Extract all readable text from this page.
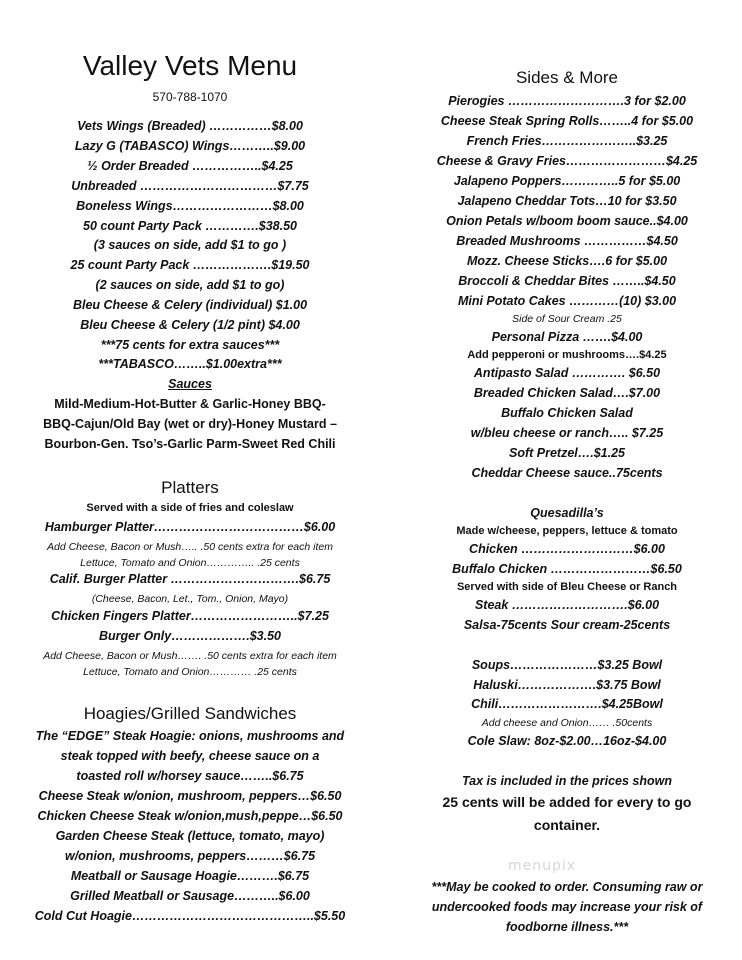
Valley Vets Menu
570-788-1070
Vets Wings (Breaded) ……………$8.00
Lazy G (TABASCO) Wings………..$9.00
½ Order Breaded ……………..$4.25
Unbreaded ……………………………$7.75
Boneless Wings……………………$8.00
50 count Party Pack ………….$38.50
(3 sauces on side, add $1 to go )
25 count Party Pack ……………….$19.50
(2 sauces on side, add $1 to go)
Bleu Cheese & Celery (individual) $1.00
Bleu Cheese & Celery (1/2 pint) $4.00
***75 cents for extra sauces***
***TABASCO……..$1.00extra***
Sauces
Mild-Medium-Hot-Butter & Garlic-Honey BBQ-
BBQ-Cajun/Old Bay (wet or dry)-Honey Mustard –
Bourbon-Gen. Tso’s-Garlic Parm-Sweet Red Chili
Platters
Served with a side of fries and coleslaw
Hamburger Platter………………………………$6.00
Add Cheese, Bacon or Mush….. .50 cents extra for each item
Lettuce, Tomato and Onion………….. .25 cents
Calif. Burger Platter ………………………….$6.75
(Cheese, Bacon, Let., Tom., Onion, Mayo)
Chicken Fingers Platter……………………..$7.25
Burger Only……………….$3.50
Add Cheese, Bacon or Mush……. .50 cents extra for each item
Lettuce, Tomato and Onion………… .25 cents
Hoagies/Grilled Sandwiches
The “EDGE” Steak Hoagie: onions, mushrooms and
steak topped with beefy, cheese sauce on a
toasted roll w/horsey sauce……..$6.75
Cheese Steak w/onion, mushroom, peppers…$6.50
Chicken Cheese Steak w/onion,mush,peppe…$6.50
Garden Cheese Steak (lettuce, tomato, mayo)
w/onion, mushrooms, peppers………$6.75
Meatball or Sausage Hoagie……….$6.75
Grilled Meatball or Sausage………..$6.00
Cold Cut Hoagie……………………………………..$5.50
Sides & More
Pierogies ……………………….3 for $2.00
Cheese Steak Spring Rolls……..4 for $5.00
French Fries…………………..$3.25
Cheese & Gravy Fries……………………$4.25
Jalapeno Poppers…………..5 for $5.00
Jalapeno Cheddar Tots…10 for $3.50
Onion Petals w/boom boom sauce..$4.00
Breaded Mushrooms ……………$4.50
Mozz. Cheese Sticks….6 for $5.00
Broccoli & Cheddar Bites ……..$4.50
Mini Potato Cakes …………(10) $3.00
Side of Sour Cream .25
Personal Pizza …….$4.00
Add pepperoni or mushrooms….$4.25
Antipasto Salad …………. $6.50
Breaded Chicken Salad….$7.00
Buffalo Chicken Salad
w/bleu cheese or ranch….. $7.25
Soft Pretzel….$1.25
Cheddar Cheese sauce..75cents
Quesadilla’s
Made w/cheese, peppers, lettuce & tomato
Chicken ………………………$6.00
Buffalo Chicken ……………………$6.50
Served with side of Bleu Cheese or Ranch
Steak ……………………….$6.00
Salsa-75cents Sour cream-25cents
Soups…………………$3.25 Bowl
Haluski……………….$3.75 Bowl
Chili…………………….$4.25Bowl
Add cheese and Onion…… .50cents
Cole Slaw: 8oz-$2.00…16oz-$4.00
Tax is included in the prices shown
25 cents will be added for every to go
container.
***May be cooked to order. Consuming raw or
undercooked foods may increase your risk of
foodborne illness.***
menupix
